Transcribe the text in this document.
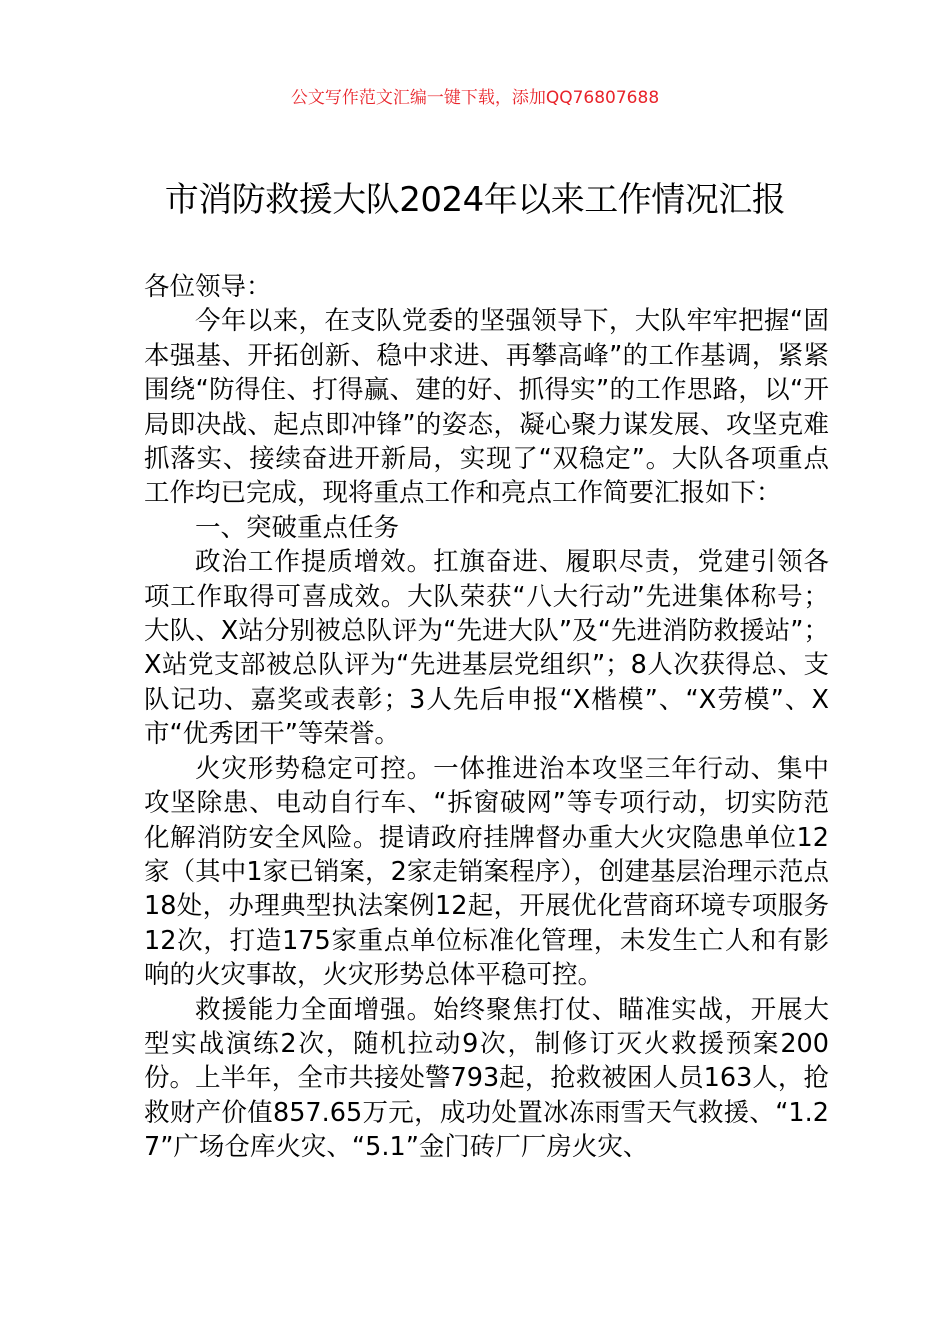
公文写作范文汇编一键下载，添加QQ76807688
市消防救援大队2024年以来工作情况汇报

各位领导：

今年以来，在支队党委的坚强领导下，大队牢牢把握“固本强基、开拓创新、稳中求进、再攀高峰”的工作基调，紧紧围绕“防得住、打得赢、建的好、抓得实”的工作思路，以“开局即决战、起点即冲锋”的姿态，凝心聚力谋发展、攻坚克难抓落实、接续奋进开新局，实现了“双稳定”。大队各项重点工作均已完成，现将重点工作和亮点工作简要汇报如下：

一、突破重点任务

政治工作提质增效。扛旗奋进、履职尽责，党建引领各项工作取得可喜成效。大队荣获“八大行动”先进集体称号；大队、X站分别被总队评为“先进大队”及“先进消防救援站”；X站党支部被总队评为“先进基层党组织”；8人次获得总、支队记功、嘉奖或表彰；3人先后申报“X楷模”、“X劳模”、X市“优秀团干”等荣誉。

火灾形势稳定可控。一体推进治本攻坚三年行动、集中攻坚除患、电动自行车、“拆窗破网”等专项行动，切实防范化解消防安全风险。提请政府挂牌督办重大火灾隐患单位12家（其中1家已销案，2家走销案程序），创建基层治理示范点18处，办理典型执法案例12起，开展优化营商环境专项服务12次，打造175家重点单位标准化管理，未发生亡人和有影响的火灾事故，火灾形势总体平稳可控。

救援能力全面增强。始终聚焦打仗、瞄准实战，开展大型实战演练2次，随机拉动9次，制修订灭火救援预案200份。上半年，全市共接处警793起，抢救被困人员163人，抢救财产价值857.65万元，成功处置冰冻雨雪天气救援、“1.27”广场仓库火灾、“5.1”金门砖厂厂房火灾、
